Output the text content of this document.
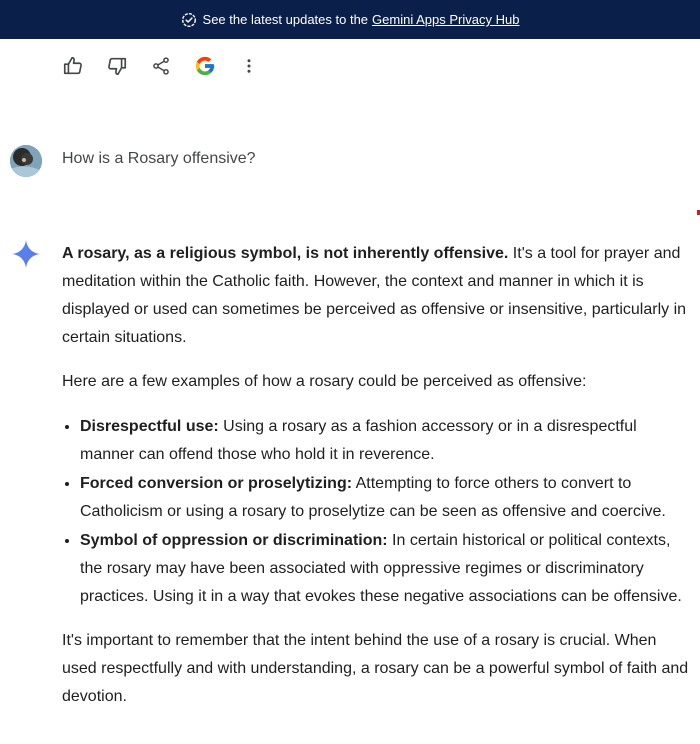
See the latest updates to the Gemini Apps Privacy Hub
How is a Rosary offensive?

A rosary, as a religious symbol, is not inherently offensive. It's a tool for prayer and meditation within the Catholic faith. However, the context and manner in which it is displayed or used can sometimes be perceived as offensive or insensitive, particularly in certain situations.

Here are a few examples of how a rosary could be perceived as offensive:

• Disrespectful use: Using a rosary as a fashion accessory or in a disrespectful manner can offend those who hold it in reverence.
• Forced conversion or proselytizing: Attempting to force others to convert to Catholicism or using a rosary to proselytize can be seen as offensive and coercive.
• Symbol of oppression or discrimination: In certain historical or political contexts, the rosary may have been associated with oppressive regimes or discriminatory practices. Using it in a way that evokes these negative associations can be offensive.

It's important to remember that the intent behind the use of a rosary is crucial. When used respectfully and with understanding, a rosary can be a powerful symbol of faith and devotion.
